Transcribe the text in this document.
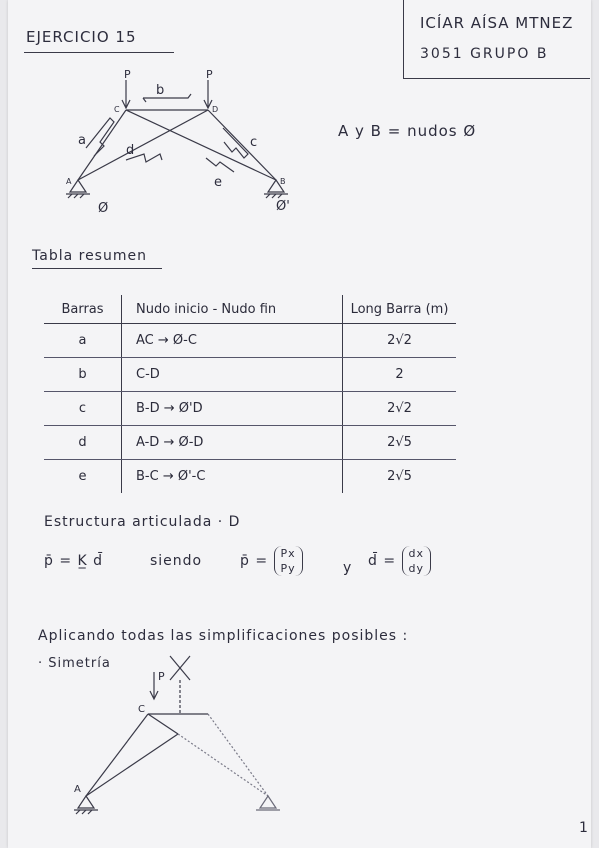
EJERCICIO 15
ICÍAR AÍSA MTNEZ
3051 GRUPO B
P	P
C	D
A	B
a
b
c
d
e
Ø	Ø'
A y B = nudos Ø
Tabla resumen
Barras	Nudo inicio - Nudo fin	Long Barra (m)
a	AC → Ø-C	2√2
b	C-D	2
c	B-D → Ø'D	2√2
d	A-D → Ø-D	2√5
e	B-C → Ø'-C	2√5
Estructura articulada · D
p̄ = K̲ d̄	siendo	p̄ = Px
Py	y d̄ = dx
dy
Aplicando todas las simplificaciones posibles :
· Simetría
P
C
A
1
